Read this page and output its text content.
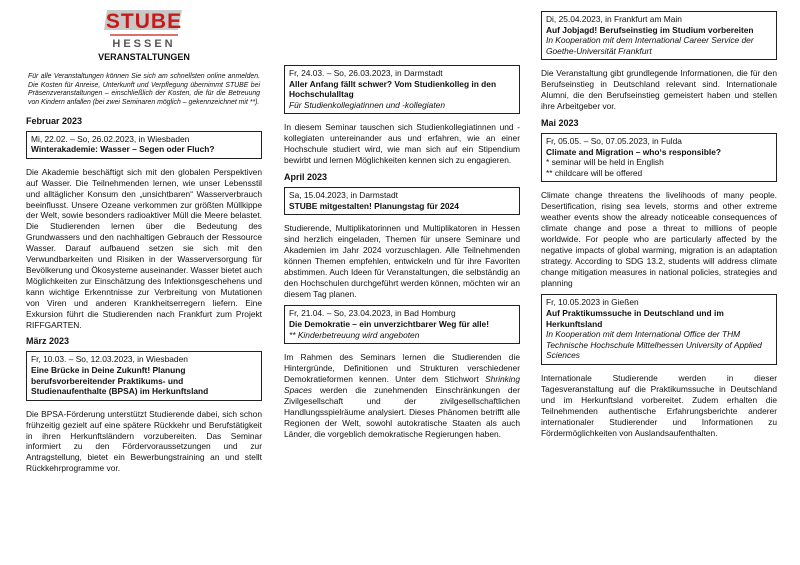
STUBE
HESSEN
VERANSTALTUNGEN
Für alle Veranstaltungen können Sie sich am schnellsten online anmelden. Die Kosten für Anreise, Unterkunft und Verpflegung übernimmt STUBE bei Präsenzveranstaltungen – einschließlich der Kosten, die für die Betreuung von Kindern anfallen (bei zwei Seminaren möglich – gekennzeichnet mit **).
Februar 2023
Mi, 22.02. – So, 26.02.2023, in Wiesbaden
Winterakademie: Wasser – Segen oder Fluch?
Die Akademie beschäftigt sich mit den globalen Perspektiven auf Wasser. Die Teilnehmenden lernen, wie unser Lebensstil und alltäglicher Konsum den „unsichtbaren“ Wasserverbrauch beeinflusst. Unsere Ozeane verkommen zur größten Müllkippe der Welt, sowie besonders radioaktiver Müll die Meere belastet. Die Studierenden lernen über die Bedeutung des Grundwassers und den nachhaltigen Gebrauch der Ressource Wasser. Darauf aufbauend setzen sie sich mit den Verwundbarkeiten und Risiken in der Wasserversorgung für Bevölkerung und Ökosysteme auseinander. Wasser bietet auch Möglichkeiten zur Einschätzung des Infektionsgeschehens und kann wichtige Erkenntnisse zur Verbreitung von Mutationen von Viren und anderen Krankheitserregern liefern. Eine Exkursion führt die Studierenden nach Frankfurt zum Projekt RIFFGARTEN.
März 2023
Fr, 10.03. – So, 12.03.2023, in Wiesbaden
Eine Brücke in Deine Zukunft! Planung berufsvorbereitender Praktikums- und Studienaufenthalte (BPSA) im Herkunftsland
Die BPSA-Förderung unterstützt Studierende dabei, sich schon frühzeitig gezielt auf eine spätere Rückkehr und Berufstätigkeit in ihren Herkunftsländern vorzubereiten. Das Seminar informiert zu den Fördervoraussetzungen und zur Antragstellung, bietet ein Bewerbungstraining an und stellt Rückkehrprogramme vor.
Fr, 24.03. – So, 26.03.2023, in Darmstadt
Aller Anfang fällt schwer? Vom Studienkolleg in den Hochschulalltag
Für Studienkollegiatinnen und -kollegiaten
In diesem Seminar tauschen sich Studienkollegiatinnen und -kollegiaten untereinander aus und erfahren, wie an einer Hochschule studiert wird, wie man sich auf ein Stipendium bewirbt und lernen Möglichkeiten kennen sich zu engagieren.
April 2023
Sa, 15.04.2023, in Darmstadt
STUBE mitgestalten! Planungstag für 2024
Studierende, Multiplikatorinnen und Multiplikatoren in Hessen sind herzlich eingeladen, Themen für unsere Seminare und Akademien im Jahr 2024 vorzuschlagen. Alle Teilnehmenden können Themen empfehlen, entwickeln und für ihre Favoriten abstimmen. Auch Ideen für Veranstaltungen, die selbständig an den Hochschulen durchgeführt werden können, möchten wir an diesem Tag planen.
Fr, 21.04. – So, 23.04.2023, in Bad Homburg
Die Demokratie – ein unverzichtbarer Weg für alle!
** Kinderbetreuung wird angeboten
Im Rahmen des Seminars lernen die Studierenden die Hintergründe, Definitionen und Strukturen verschiedener Demokratieformen kennen. Unter dem Stichwort Shrinking Spaces werden die zunehmenden Einschränkungen der Zivilgesellschaft und der zivilgesellschaftlichen Handlungsspielräume analysiert. Dieses Phänomen betrifft alle Regionen der Welt, sowohl autokratische Staaten als auch Länder, die vorgeblich demokratische Regierungen haben.
Di, 25.04.2023, in Frankfurt am Main
Auf Jobjagd! Berufseinstieg im Studium vorbereiten
In Kooperation mit dem International Career Service der Goethe-Universität Frankfurt
Die Veranstaltung gibt grundlegende Informationen, die für den Berufseinstieg in Deutschland relevant sind. Internationale Alumni, die den Berufseinstieg gemeistert haben und stellen ihre Arbeitgeber vor.
Mai 2023
Fr, 05.05. – So, 07.05.2023, in Fulda
Climate and Migration – who‘s responsible?
* seminar will be held in English
** childcare will be offered
Climate change threatens the livelihoods of many people. Desertification, rising sea levels, storms and other extreme weather events show the already noticeable consequences of climate change and pose a threat to millions of people worldwide. For people who are particularly affected by the negative impacts of global warming, migration is an adaptation strategy. According to SDG 13.2, students will address climate change mitigation measures in national policies, strategies and planning
Fr, 10.05.2023 in Gießen
Auf Praktikumssuche in Deutschland und im Herkunftsland
In Kooperation mit dem International Office der THM Technische Hochschule Mittelhessen University of Applied Sciences
Internationale Studierende werden in dieser Tagesveranstaltung auf die Praktikumssuche in Deutschland und im Herkunftsland vorbereitet. Zudem erhalten die Teilnehmenden authentische Erfahrungsberichte anderer internationaler Studierender und Informationen zu Fördermöglichkeiten von Auslandsaufenthalten.
